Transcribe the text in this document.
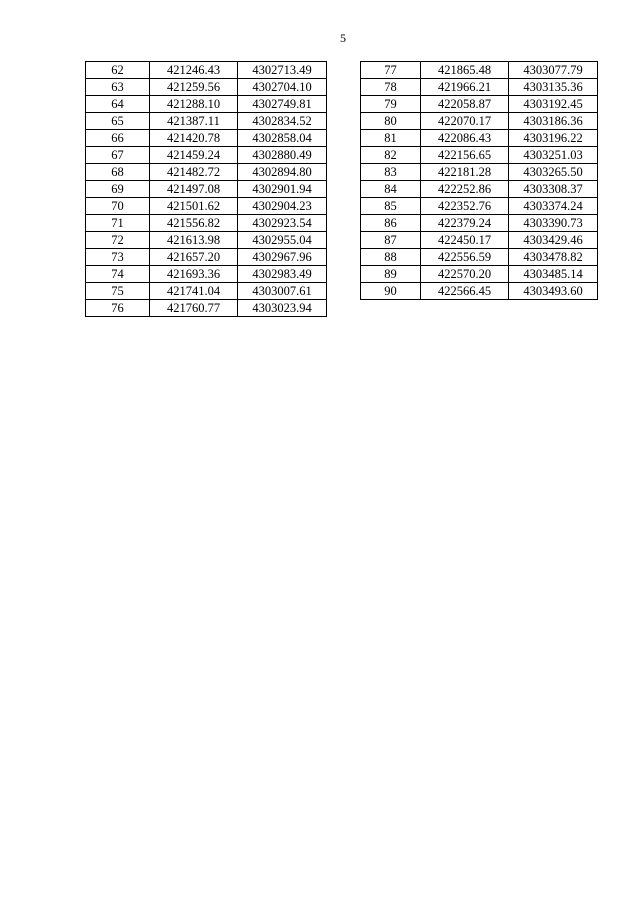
5
62	421246.43	4302713.49
63	421259.56	4302704.10
64	421288.10	4302749.81
65	421387.11	4302834.52
66	421420.78	4302858.04
67	421459.24	4302880.49
68	421482.72	4302894.80
69	421497.08	4302901.94
70	421501.62	4302904.23
71	421556.82	4302923.54
72	421613.98	4302955.04
73	421657.20	4302967.96
74	421693.36	4302983.49
75	421741.04	4303007.61
76	421760.77	4303023.94
77	421865.48	4303077.79
78	421966.21	4303135.36
79	422058.87	4303192.45
80	422070.17	4303186.36
81	422086.43	4303196.22
82	422156.65	4303251.03
83	422181.28	4303265.50
84	422252.86	4303308.37
85	422352.76	4303374.24
86	422379.24	4303390.73
87	422450.17	4303429.46
88	422556.59	4303478.82
89	422570.20	4303485.14
90	422566.45	4303493.60
